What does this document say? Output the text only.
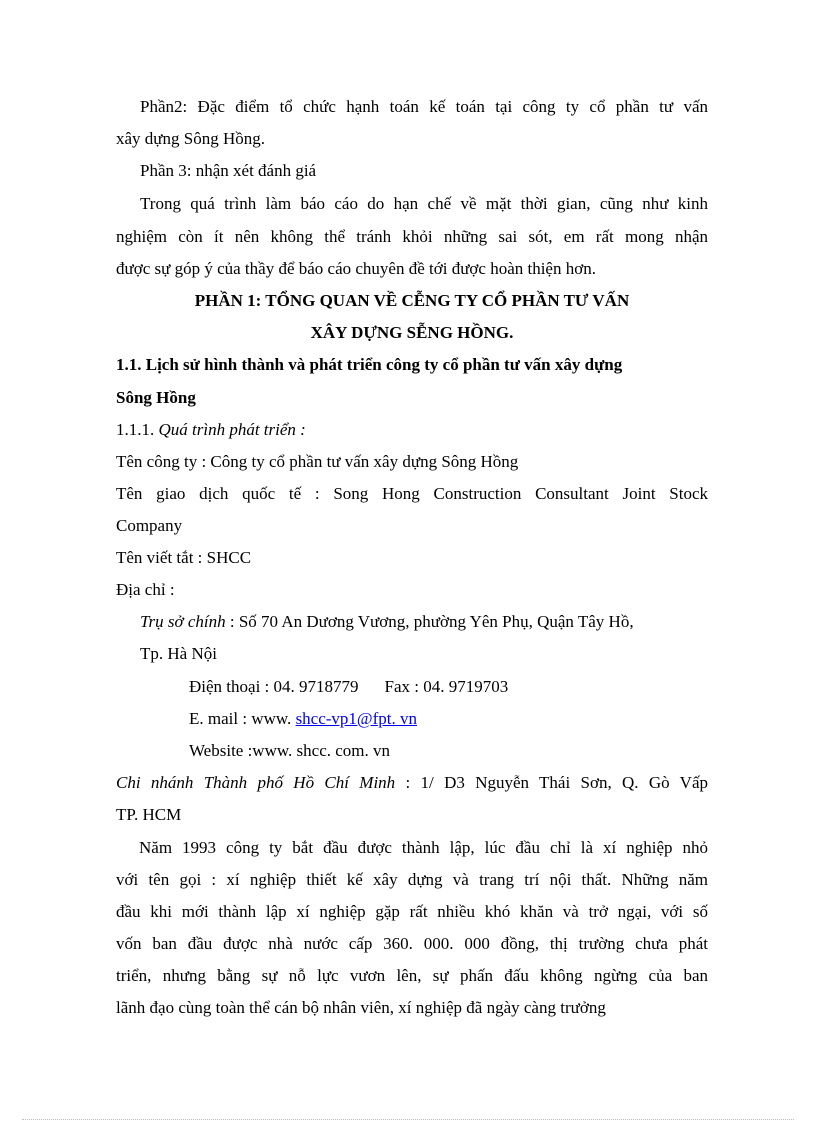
Phần2: Đặc điểm tổ chức hạnh toán kế toán tại công ty cổ phần tư vấn
xây dựng Sông Hồng.
Phần 3: nhận xét đánh giá
Trong quá trình làm báo cáo do hạn chế về mặt thời gian, cũng như kinh
nghiệm còn ít nên không thể tránh khỏi những sai sót, em rất mong nhận
được sự góp ý của thầy để báo cáo chuyên đề tới được hoàn thiện hơn.
PHẦN 1: TỔNG QUAN VỀ CỄNG TY CỔ PHẦN TƯ VẤN
XÂY DỰNG SỄNG HỒNG.
1.1. Lịch sử hình thành và phát triển công ty cổ phần tư vấn xây dựng
Sông Hồng
1.1.1. Quá trình phát triển :
Tên công ty : Công ty cổ phần tư vấn xây dựng Sông Hồng
Tên giao dịch quốc tế : Song Hong Construction Consultant Joint Stock
Company
Tên viết tắt : SHCC
Địa chỉ :
Trụ sở chính : Số 70 An Dương Vương, phường Yên Phụ, Quận Tây Hồ,
Tp. Hà Nội
Điện thoại : 04. 9718779 Fax : 04. 9719703
E. mail : www. shcc-vp1@fpt. vn
Website :www. shcc. com. vn
Chi nhánh Thành phố Hồ Chí Minh : 1/ D3 Nguyễn Thái Sơn, Q. Gò Vấp
TP. HCM
Năm 1993 công ty bắt đầu được thành lập, lúc đầu chỉ là xí nghiệp nhỏ
với tên gọi : xí nghiệp thiết kế xây dựng và trang trí nội thất. Những năm
đầu khi mới thành lập xí nghiệp gặp rất nhiều khó khăn và trở ngại, với số
vốn ban đầu được nhà nước cấp 360. 000. 000 đồng, thị trường chưa phát
triển, nhưng bằng sự nỗ lực vươn lên, sự phấn đấu không ngừng của ban
lãnh đạo cùng toàn thể cán bộ nhân viên, xí nghiệp đã ngày càng trưởng
